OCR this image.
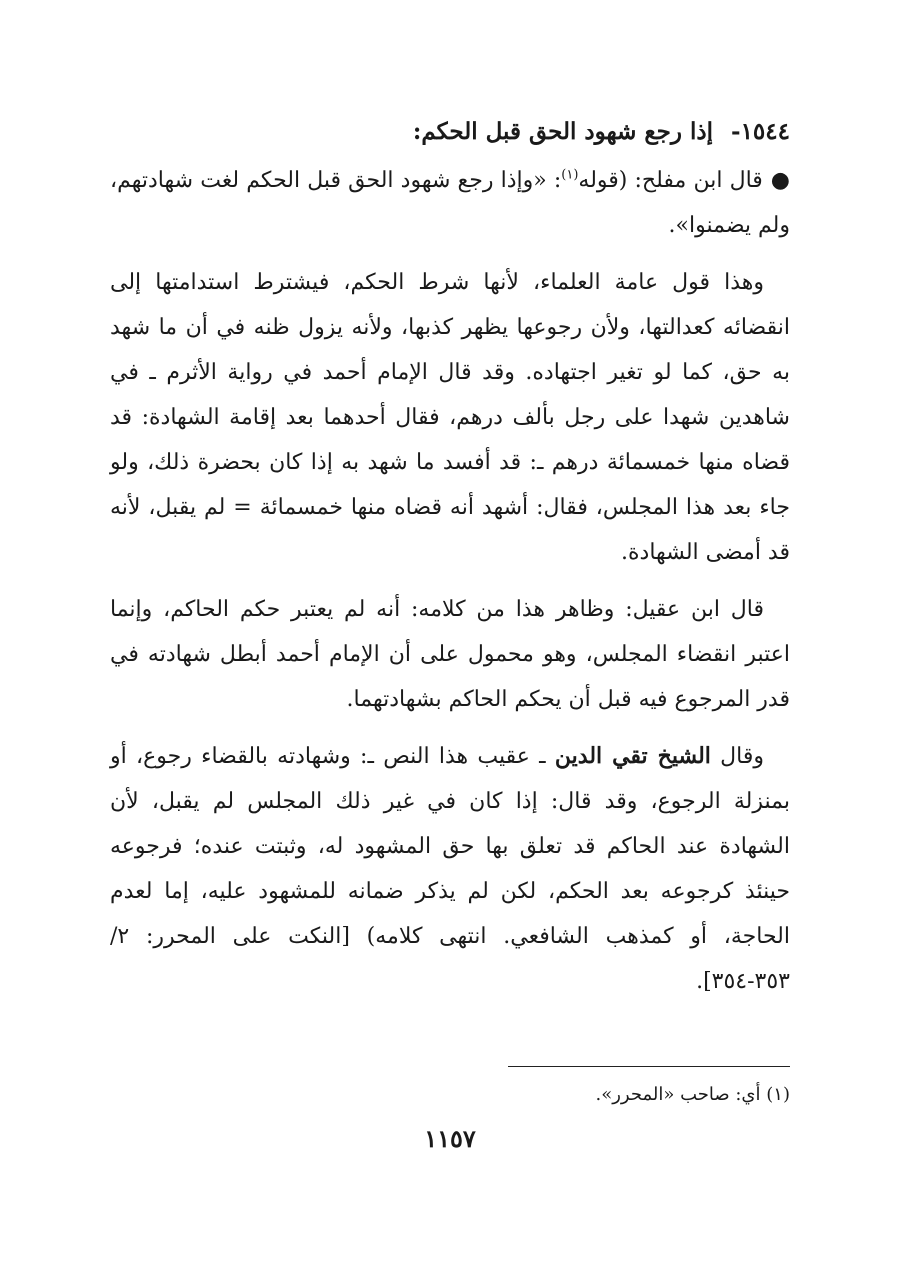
١٥٤٤- إذا رجع شهود الحق قبل الحكم:

●قال ابن مفلح: (قوله$^{(١)}$: «وإذا رجع شهود الحق قبل الحكم لغت شهادتهم، ولم يضمنوا».

وهذا قول عامة العلماء، لأنها شرط الحكم، فيشترط استدامتها إلى انقضائه كعدالتها، ولأن رجوعها يظهر كذبها، ولأنه يزول ظنه في أن ما شهد به حق، كما لو تغير اجتهاده. وقد قال الإمام أحمد في رواية الأثرم ـ في شاهدين شهدا على رجل بألف درهم، فقال أحدهما بعد إقامة الشهادة: قد قضاه منها خمسمائة درهم ـ: قد أفسد ما شهد به إذا كان بحضرة ذلك، ولو جاء بعد هذا المجلس، فقال: أشهد أنه قضاه منها خمسمائة = لم يقبل، لأنه قد أمضى الشهادة.

قال ابن عقيل: وظاهر هذا من كلامه: أنه لم يعتبر حكم الحاكم، وإنما اعتبر انقضاء المجلس، وهو محمول على أن الإمام أحمد أبطل شهادته في قدر المرجوع فيه قبل أن يحكم الحاكم بشهادتهما.

وقال الشيخ تقي الدين ـ عقيب هذا النص ـ: وشهادته بالقضاء رجوع، أو بمنزلة الرجوع، وقد قال: إذا كان في غير ذلك المجلس لم يقبل، لأن الشهادة عند الحاكم قد تعلق بها حق المشهود له، وثبتت عنده؛ فرجوعه حينئذ كرجوعه بعد الحكم، لكن لم يذكر ضمانه للمشهود عليه، إما لعدم الحاجة، أو كمذهب الشافعي. انتهى كلامه) [النكت على المحرر: ٢/ ٣٥٣-٣٥٤].

(١) أي: صاحب «المحرر».
١١٥٧
